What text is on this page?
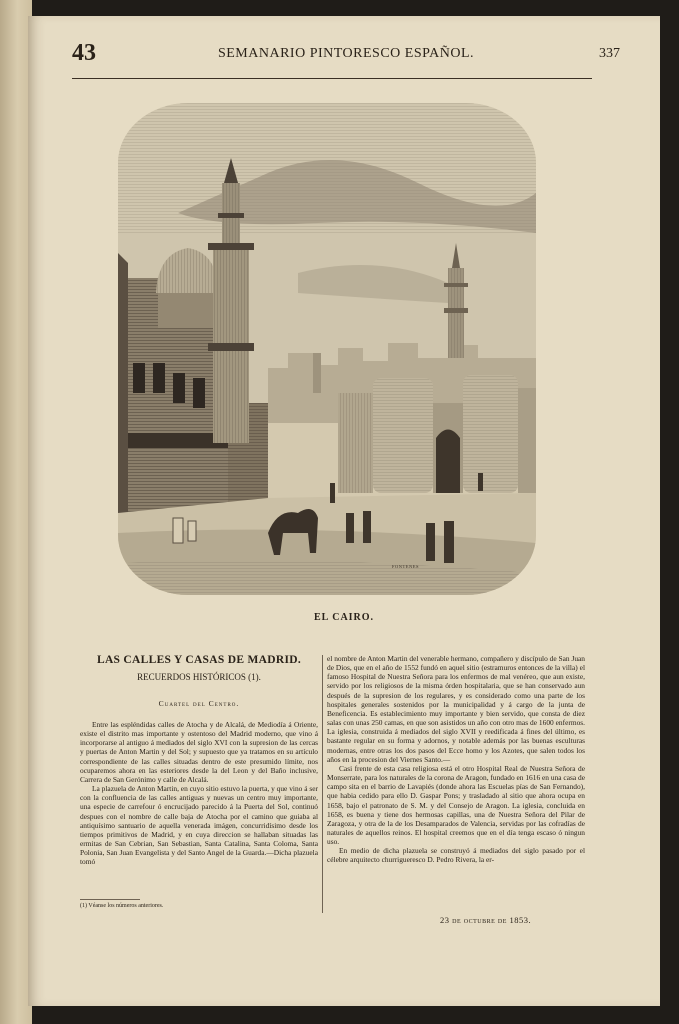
43	SEMANARIO PINTORESCO ESPAÑOL.	337
FONTENES
EL CAIRO.
LAS CALLES Y CASAS DE MADRID.
RECUERDOS HISTÓRICOS (1).
Cuartel del Centro.

Entre las espléndidas calles de Atocha y de Alcalá, de Mediodía á Oriente, existe el distrito mas importante y ostentoso del Madrid moderno, que vino á incorporarse al antiguo á mediados del siglo XVI con la supresion de las cercas y puertas de Anton Martin y del Sol; y supuesto que ya tratamos en su artículo correspondiente de las calles situadas dentro de este presumido límite, nos ocuparemos ahora en las esteriores desde la del Leon y del Baño inclusive, Carrera de San Gerónimo y calle de Alcalá.

La plazuela de Anton Martin, en cuyo sitio estuvo la puerta, y que vino á ser con la confluencia de las calles antiguas y nuevas un centro muy importante, una especie de carrefour ó encrucijado parecido á la Puerta del Sol, continuó despues con el nombre de calle baja de Atocha por el camino que guiaba al antiquísimo santuario de aquella venerada imágen, concurridísimo desde los tiempos primitivos de Madrid, y en cuya direccion se hallaban situadas las ermitas de San Cebrian, San Sebastian, Santa Catalina, Santa Coloma, Santa Polonia, San Juan Evangelista y del Santo Angel de la Guarda.—Dicha plazuela tomó

el nombre de Anton Martin del venerable hermano, compañero y discípulo de San Juan de Dios, que en el año de 1552 fundó en aquel sitio (estramuros entonces de la villa) el famoso Hospital de Nuestra Señora para los enfermos de mal venéreo, que aun existe, servido por los religiosos de la misma órden hospitalaria, que se han conservado aun después de la supresion de los regulares, y es considerado como una parte de los hospitales generales sostenidos por la municipalidad y á cargo de la junta de Beneficencia. Es establecimiento muy importante y bien servido, que consta de diez salas con unas 250 camas, en que son asistidos un año con otro mas de 1600 enfermos. La iglesia, construida á mediados del siglo XVII y reedificada á fines del último, es bastante regular en su forma y adornos, y notable además por las buenas esculturas modernas, entre otras los dos pasos del Ecce homo y los Azotes, que salen todos los años en la procesion del Viernes Santo.—

Casi frente de esta casa religiosa está el otro Hospital Real de Nuestra Señora de Monserrate, para los naturales de la corona de Aragon, fundado en 1616 en una casa de campo sita en el barrio de Lavapiés (donde ahora las Escuelas pías de San Fernando), que habia cedido para ello D. Gaspar Pons; y trasladado al sitio que ahora ocupa en 1658, bajo el patronato de S. M. y del Consejo de Aragon. La iglesia, concluida en 1658, es buena y tiene dos hermosas capillas, una de Nuestra Señora del Pilar de Zaragoza, y otra de la de los Desamparados de Valencia, servidas por las cofradías de naturales de aquellos reinos. El hospital creemos que en el día tenga escaso ó ningun uso.

En medio de dicha plazuela se construyó á mediados del siglo pasado por el célebre arquitecto churrigueresco D. Pedro Rivera, la er-

(1) Véanse los números anteriores.
23 de octubre de 1853.
